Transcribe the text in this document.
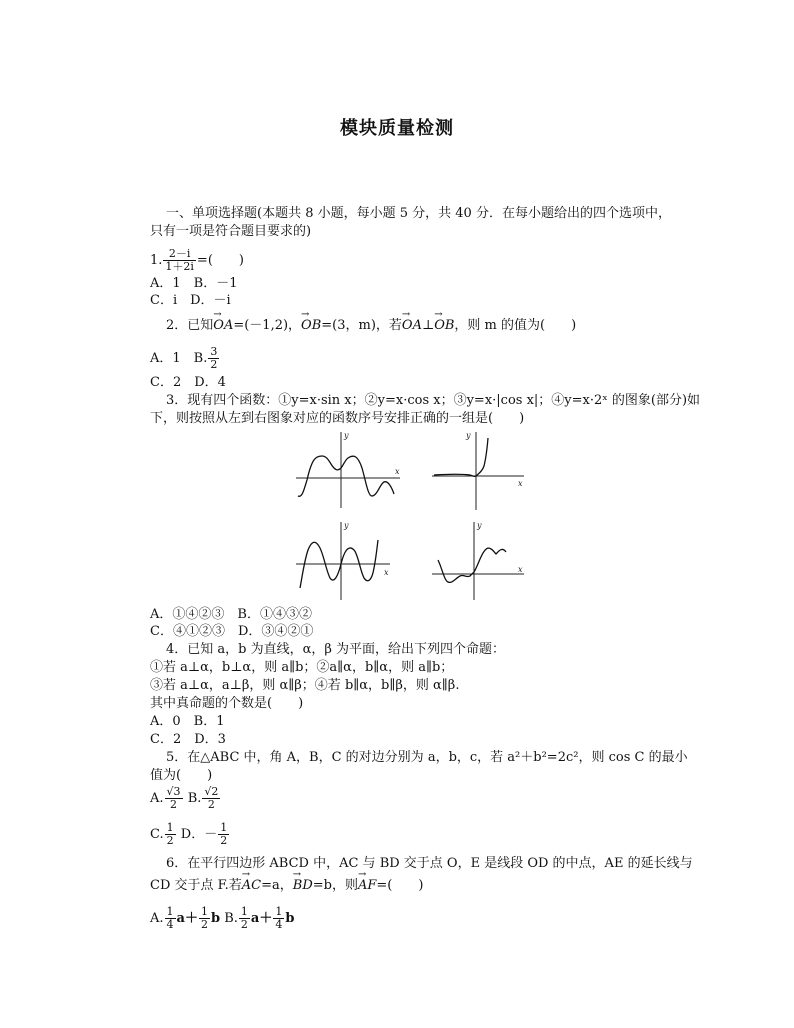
模块质量检测
一、单项选择题(本题共 8 小题，每小题 5 分，共 40 分．在每小题给出的四个选项中，
只有一项是符合题目要求的)
1. $\frac{2-i}{1+2i}$ =(　　)
A．1　B．－1
C．i　D．－i
2．已知→ OA=(－1,2)，→ OB=(3，m)，若→ OA⊥→ OB，则 m 的值为(　　)
A．1　B. $\frac{3}{2}$
C．2　D．4
3．现有四个函数：①y=x·sin x；②y=x·cos x；③y=x·|cos x|；④y=x·2ˣ 的图象(部分)如
下，则按照从左到右图象对应的函数序号安排正确的一组是(　　)
x
y
x
y
x
y
x
y
A．①④②③　B．①④③②
C．④①②③　D．③④②①
4．已知 a，b 为直线，α，β 为平面，给出下列四个命题：
①若 a⊥α，b⊥α，则 a∥b；②a∥α，b∥α，则 a∥b；
③若 a⊥α，a⊥β，则 α∥β；④若 b∥α，b∥β，则 α∥β.
其中真命题的个数是(　　)
A．0　B．1
C．2　D．3
5．在△ABC 中，角 A，B，C 的对边分别为 a，b，c，若 a²＋b²=2c²，则 cos C 的最小
值为(　　)
A. $\frac{√3}{2} B$. $\frac{√2}{2}$
C. $\frac{1}{2}$ D．－ $\frac{1}{2}$
6．在平行四边形 ABCD 中，AC 与 BD 交于点 O，E 是线段 OD 的中点，AE 的延长线与
CD 交于点 F.若→ AC=a，→ BD=b，则→ AF=(　　)
A. $\frac{1}{4} a+ \frac{1}{2}$ b B. $\frac{1}{2} a+ \frac{1}{4}$ b
